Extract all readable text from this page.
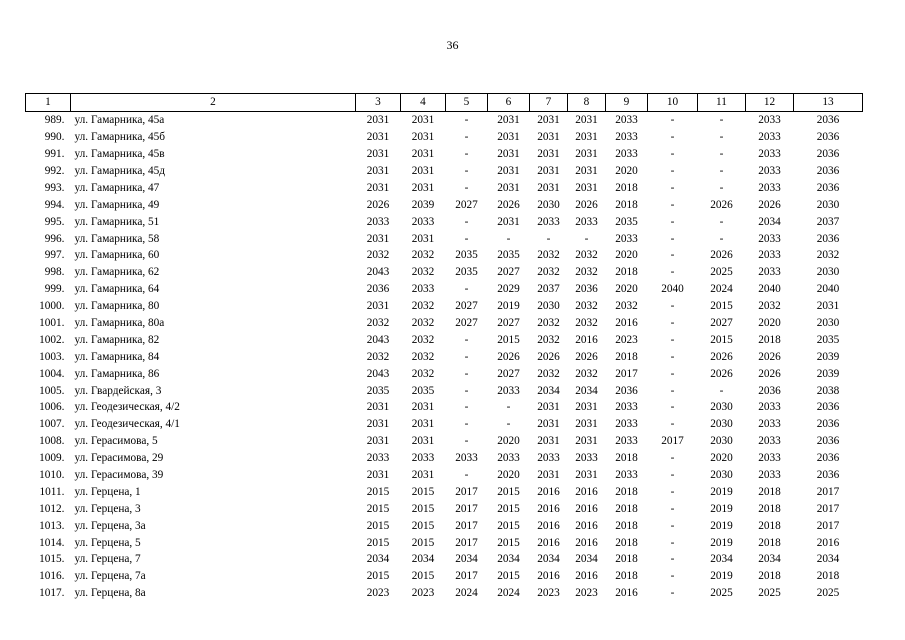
36
1	2	3	4	5	6	7	8	9	10	11	12	13
989.	ул. Гамарника, 45а	2031	2031	-	2031	2031	2031	2033	-	-	2033	2036
990.	ул. Гамарника, 45б	2031	2031	-	2031	2031	2031	2033	-	-	2033	2036
991.	ул. Гамарника, 45в	2031	2031	-	2031	2031	2031	2033	-	-	2033	2036
992.	ул. Гамарника, 45д	2031	2031	-	2031	2031	2031	2020	-	-	2033	2036
993.	ул. Гамарника, 47	2031	2031	-	2031	2031	2031	2018	-	-	2033	2036
994.	ул. Гамарника, 49	2026	2039	2027	2026	2030	2026	2018	-	2026	2026	2030
995.	ул. Гамарника, 51	2033	2033	-	2031	2033	2033	2035	-	-	2034	2037
996.	ул. Гамарника, 58	2031	2031	-	-	-	-	2033	-	-	2033	2036
997.	ул. Гамарника, 60	2032	2032	2035	2035	2032	2032	2020	-	2026	2033	2032
998.	ул. Гамарника, 62	2043	2032	2035	2027	2032	2032	2018	-	2025	2033	2030
999.	ул. Гамарника, 64	2036	2033	-	2029	2037	2036	2020	2040	2024	2040	2040
1000.	ул. Гамарника, 80	2031	2032	2027	2019	2030	2032	2032	-	2015	2032	2031
1001.	ул. Гамарника, 80а	2032	2032	2027	2027	2032	2032	2016	-	2027	2020	2030
1002.	ул. Гамарника, 82	2043	2032	-	2015	2032	2016	2023	-	2015	2018	2035
1003.	ул. Гамарника, 84	2032	2032	-	2026	2026	2026	2018	-	2026	2026	2039
1004.	ул. Гамарника, 86	2043	2032	-	2027	2032	2032	2017	-	2026	2026	2039
1005.	ул. Гвардейская, 3	2035	2035	-	2033	2034	2034	2036	-	-	2036	2038
1006.	ул. Геодезическая, 4/2	2031	2031	-	-	2031	2031	2033	-	2030	2033	2036
1007.	ул. Геодезическая, 4/1	2031	2031	-	-	2031	2031	2033	-	2030	2033	2036
1008.	ул. Герасимова, 5	2031	2031	-	2020	2031	2031	2033	2017	2030	2033	2036
1009.	ул. Герасимова, 29	2033	2033	2033	2033	2033	2033	2018	-	2020	2033	2036
1010.	ул. Герасимова, 39	2031	2031	-	2020	2031	2031	2033	-	2030	2033	2036
1011.	ул. Герцена, 1	2015	2015	2017	2015	2016	2016	2018	-	2019	2018	2017
1012.	ул. Герцена, 3	2015	2015	2017	2015	2016	2016	2018	-	2019	2018	2017
1013.	ул. Герцена, 3а	2015	2015	2017	2015	2016	2016	2018	-	2019	2018	2017
1014.	ул. Герцена, 5	2015	2015	2017	2015	2016	2016	2018	-	2019	2018	2016
1015.	ул. Герцена, 7	2034	2034	2034	2034	2034	2034	2018	-	2034	2034	2034
1016.	ул. Герцена, 7а	2015	2015	2017	2015	2016	2016	2018	-	2019	2018	2018
1017.	ул. Герцена, 8а	2023	2023	2024	2024	2023	2023	2016	-	2025	2025	2025
